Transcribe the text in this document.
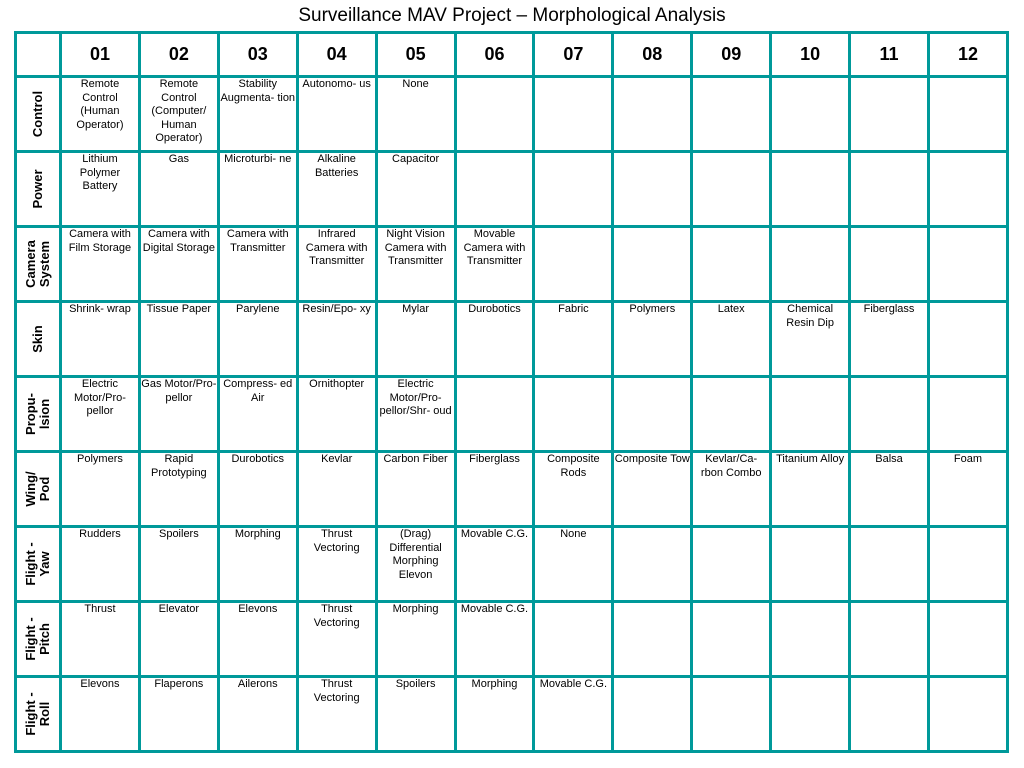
Surveillance MAV Project – Morphological Analysis
	01	02	03	04	05	06	07	08	09	10	11	12

Control	Remote Control (Human Operator)	Remote Control (Computer/ Human Operator)	Stability Augmenta- tion	Autonomo- us	None							

Power	Lithium Polymer Battery	Gas	Microturbi- ne	Alkaline Batteries	Capacitor							

Camera
System	Camera with Film Storage	Camera with Digital Storage	Camera with Transmitter	Infrared Camera with Transmitter	Night Vision Camera with Transmitter	Movable Camera with Transmitter						

Skin	Shrink- wrap	Tissue Paper	Parylene	Resin/Epo- xy	Mylar	Durobotics	Fabric	Polymers	Latex	Chemical Resin Dip	Fiberglass	

Propu-
lsion	Electric Motor/Pro- pellor	Gas Motor/Pro- pellor	Compress- ed Air	Ornithopter	Electric Motor/Pro- pellor/Shr- oud							

Wing/
Pod	Polymers	Rapid Prototyping	Durobotics	Kevlar	Carbon Fiber	Fiberglass	Composite Rods	Composite Tow	Kevlar/Ca- rbon Combo	Titanium Alloy	Balsa	Foam

Flight -
Yaw	Rudders	Spoilers	Morphing	Thrust Vectoring	(Drag) Differential Morphing Elevon	Movable C.G.	None					

Flight -
Pitch	Thrust	Elevator	Elevons	Thrust Vectoring	Morphing	Movable C.G.						

Flight -
Roll	Elevons	Flaperons	Ailerons	Thrust Vectoring	Spoilers	Morphing	Movable C.G.					
